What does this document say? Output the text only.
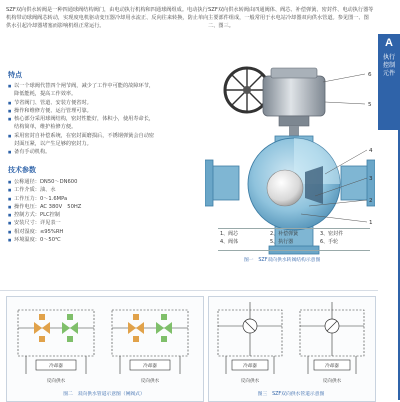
SZF双向供水转阀是一种四通球阀结构阀门，由电动执行机构和四通球阀组成。电动执行机构带动球阀阀芯转动，实现度电机驱动变压器冷却用水流正、反向往来转换，防止单向供水引起冷却器堵塞而影响机组正常运行。
SZF双向供水转阀由四通阀体、阀芯、补偿弹簧、密封件、电动执行器等主要部件组成，一般常用于水电站冷却器双向供水管道。参见图一、图二、图三。
A
执行控制元件
特点
■ 以一个球阀代替四个闸节阀，减少了工作中可能的故障环节，降低能耗，提高工作效率。
■ 节省阀门、管道、安装方便省时。
■ 操作和维修方便、运行管理可靠。
■ 核心部分采用球阀结构，密封性能好，体积小，使用寿命长，结构简单，维护检修方便。
■ 采用密封自补偿系统，在密封面磨损后，不锈钢弹簧会自动密封面压紧，以产生足够的密封力。
■ 备有手动机构。
技术参数
■ 公称通径：DN50～DN600
■ 工作介质：油、水
■ 工作压力：0～1.6MPa
■ 操作电压：AC 380V　50HZ
■ 控制方式：PLC控制
■ 安装尺寸：详见表一
■ 相对湿度：≤95%RH
■ 环境温度：0～50℃
6
5
4
3
2
1
1、阀芯	2、补偿弹簧	3、密封件
4、阀体	5、执行器	6、手轮
图一　SZF双向供水转阀结构示意图
冷却器	冷却器
反向供水	反向供水
图二　双向供水管道示意图（闸阀式）
冷却器	冷却器
反向供水	反向供水
图三　SZF双向供水管道示意图
